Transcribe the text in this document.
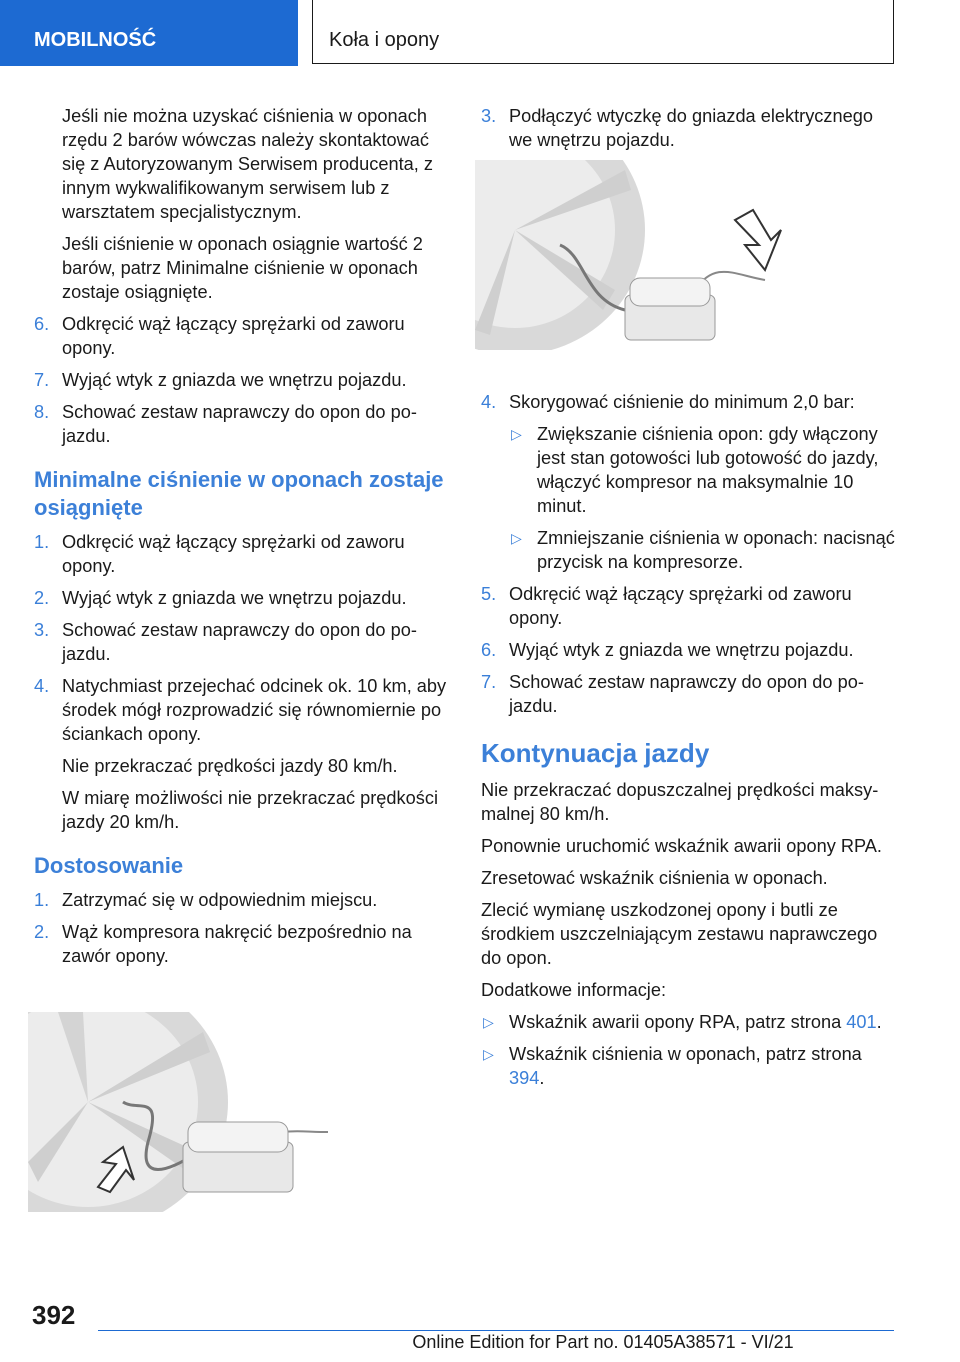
MOBILNOŚĆ	Koła i opony

Jeśli nie można uzyskać ciśnienia w oponach rzędu 2 barów wówczas należy skontaktować się z Autoryzowanym Serwisem producenta, z innym wykwalifikowanym serwisem lub z warsztatem specjalistycznym.

Jeśli ciśnienie w oponach osiągnie wartość 2 barów, patrz Minimalne ciśnienie w oponach zostaje osiągnięte.

6. Odkręcić wąż łączący sprężarki od zaworu opony.
7. Wyjąć wtyk z gniazda we wnętrzu pojazdu.
8. Schować zestaw naprawczy do opon do pojazdu.
Minimalne ciśnienie w oponach zostaje osiągnięte
1. Odkręcić wąż łączący sprężarki od zaworu opony.
2. Wyjąć wtyk z gniazda we wnętrzu pojazdu.
3. Schować zestaw naprawczy do opon do pojazdu.
4. Natychmiast przejechać odcinek ok. 10 km, aby środek mógł rozprowadzić się równomiernie po ściankach opony.

Nie przekraczać prędkości jazdy 80 km/h.

W miarę możliwości nie przekraczać prędkości jazdy 20 km/h.

Dostosowanie
1. Zatrzymać się w odpowiednim miejscu.
2. Wąż kompresora nakręcić bezpośrednio na zawór opony.
3. Podłączyć wtyczkę do gniazda elektrycznego we wnętrzu pojazdu.
4. Skorygować ciśnienie do minimum 2,0 bar:
▷ Zwiększanie ciśnienia opon: gdy włączony jest stan gotowości lub gotowość do jazdy, włączyć kompresor na maksymalnie 10 minut.
▷ Zmniejszanie ciśnienia w oponach: nacisnąć przycisk na kompresorze.
5. Odkręcić wąż łączący sprężarki od zaworu opony.
6. Wyjąć wtyk z gniazda we wnętrzu pojazdu.
7. Schować zestaw naprawczy do opon do pojazdu.
Kontynuacja jazdy

Nie przekraczać dopuszczalnej prędkości maksymalnej 80 km/h.

Ponownie uruchomić wskaźnik awarii opony RPA.

Zresetować wskaźnik ciśnienia w oponach.

Zlecić wymianę uszkodzonej opony i butli ze środkiem uszczelniającym zestawu naprawczego do opon.

Dodatkowe informacje:

▷ Wskaźnik awarii opony RPA, patrz strona 401.
▷ Wskaźnik ciśnienia w oponach, patrz strona 394.
392
Online Edition for Part no. 01405A38571 - VI/21
